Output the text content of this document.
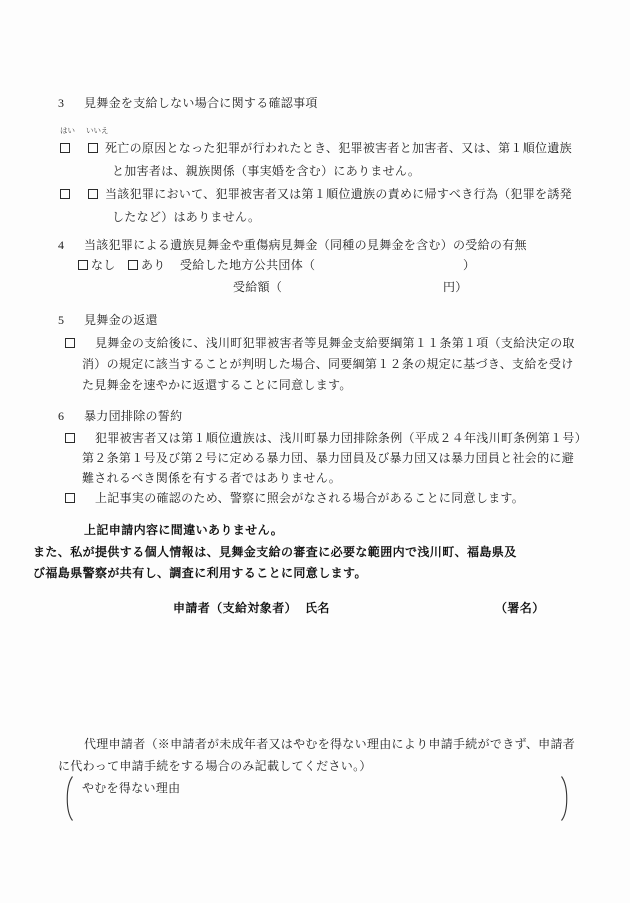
3 見舞金を支給しない場合に関する確認事項
はい いいえ
死亡の原因となった犯罪が行われたとき、犯罪被害者と加害者、又は、第１順位遺族
と加害者は、親族関係（事実婚を含む）にありません。
当該犯罪において、犯罪被害者又は第１順位遺族の責めに帰すべき行為（犯罪を誘発
したなど）はありません。
4 当該犯罪による遺族見舞金や重傷病見舞金（同種の見舞金を含む）の受給の有無
なし あり 受給した地方公共団体（	）
受給額（	円）
5 見舞金の返還
見舞金の支給後に、浅川町犯罪被害者等見舞金支給要綱第１１条第１項（支給決定の取
消）の規定に該当することが判明した場合、同要綱第１２条の規定に基づき、支給を受け
た見舞金を速やかに返還することに同意します。
6 暴力団排除の誓約
犯罪被害者又は第１順位遺族は、浅川町暴力団排除条例（平成２４年浅川町条例第１号）
第２条第１号及び第２号に定める暴力団、暴力団員及び暴力団又は暴力団員と社会的に避
難されるべき関係を有する者ではありません。
上記事実の確認のため、警察に照会がなされる場合があることに同意します。
上記申請内容に間違いありません。
また、私が提供する個人情報は、見舞金支給の審査に必要な範囲内で浅川町、福島県及
び福島県警察が共有し、調査に利用することに同意します。
申請者（支給対象者） 氏名	（署名）
代理申請者（※申請者が未成年者又はやむを得ない理由により申請手続ができず、申請者
に代わって申請手続をする場合のみ記載してください。）
やむを得ない理由
